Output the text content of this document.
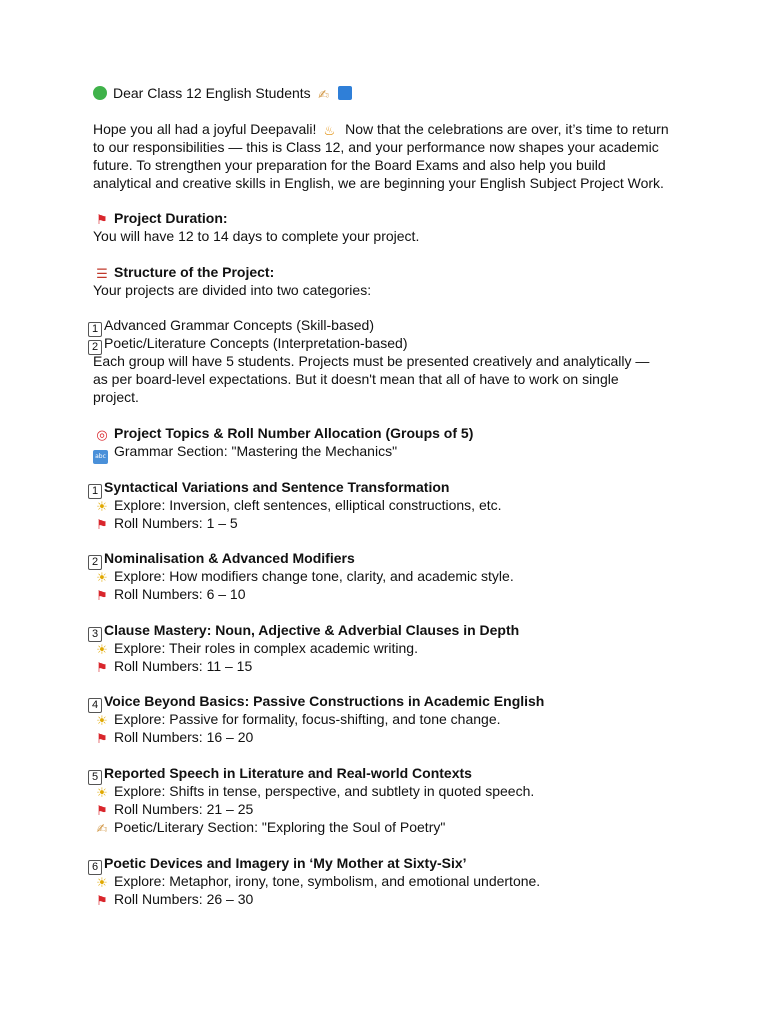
Dear Class 12 English Students ✍
Hope you all had a joyful Deepavali! ♨ Now that the celebrations are over, it’s time to return
to our responsibilities — this is Class 12, and your performance now shapes your academic
future. To strengthen your preparation for the Board Exams and also help you build
analytical and creative skills in English, we are beginning your English Subject Project Work.
⚑ Project Duration:
You will have 12 to 14 days to complete your project.
☰ Structure of the Project:
Your projects are divided into two categories:
1 Advanced Grammar Concepts (Skill-based)
2 Poetic/Literature Concepts (Interpretation-based)
Each group will have 5 students. Projects must be presented creatively and analytically —
as per board-level expectations. But it doesn't mean that all of have to work on single
project.
◎ Project Topics & Roll Number Allocation (Groups of 5)
abc Grammar Section: "Mastering the Mechanics"
1 Syntactical Variations and Sentence Transformation
☀ Explore: Inversion, cleft sentences, elliptical constructions, etc.
⚑ Roll Numbers: 1 – 5
2 Nominalisation & Advanced Modifiers
☀ Explore: How modifiers change tone, clarity, and academic style.
⚑ Roll Numbers: 6 – 10
3 Clause Mastery: Noun, Adjective & Adverbial Clauses in Depth
☀ Explore: Their roles in complex academic writing.
⚑ Roll Numbers: 11 – 15
4 Voice Beyond Basics: Passive Constructions in Academic English
☀ Explore: Passive for formality, focus-shifting, and tone change.
⚑ Roll Numbers: 16 – 20
5 Reported Speech in Literature and Real-world Contexts
☀ Explore: Shifts in tense, perspective, and subtlety in quoted speech.
⚑ Roll Numbers: 21 – 25
✍ Poetic/Literary Section: "Exploring the Soul of Poetry"
6 Poetic Devices and Imagery in ‘My Mother at Sixty-Six’
☀ Explore: Metaphor, irony, tone, symbolism, and emotional undertone.
⚑ Roll Numbers: 26 – 30
